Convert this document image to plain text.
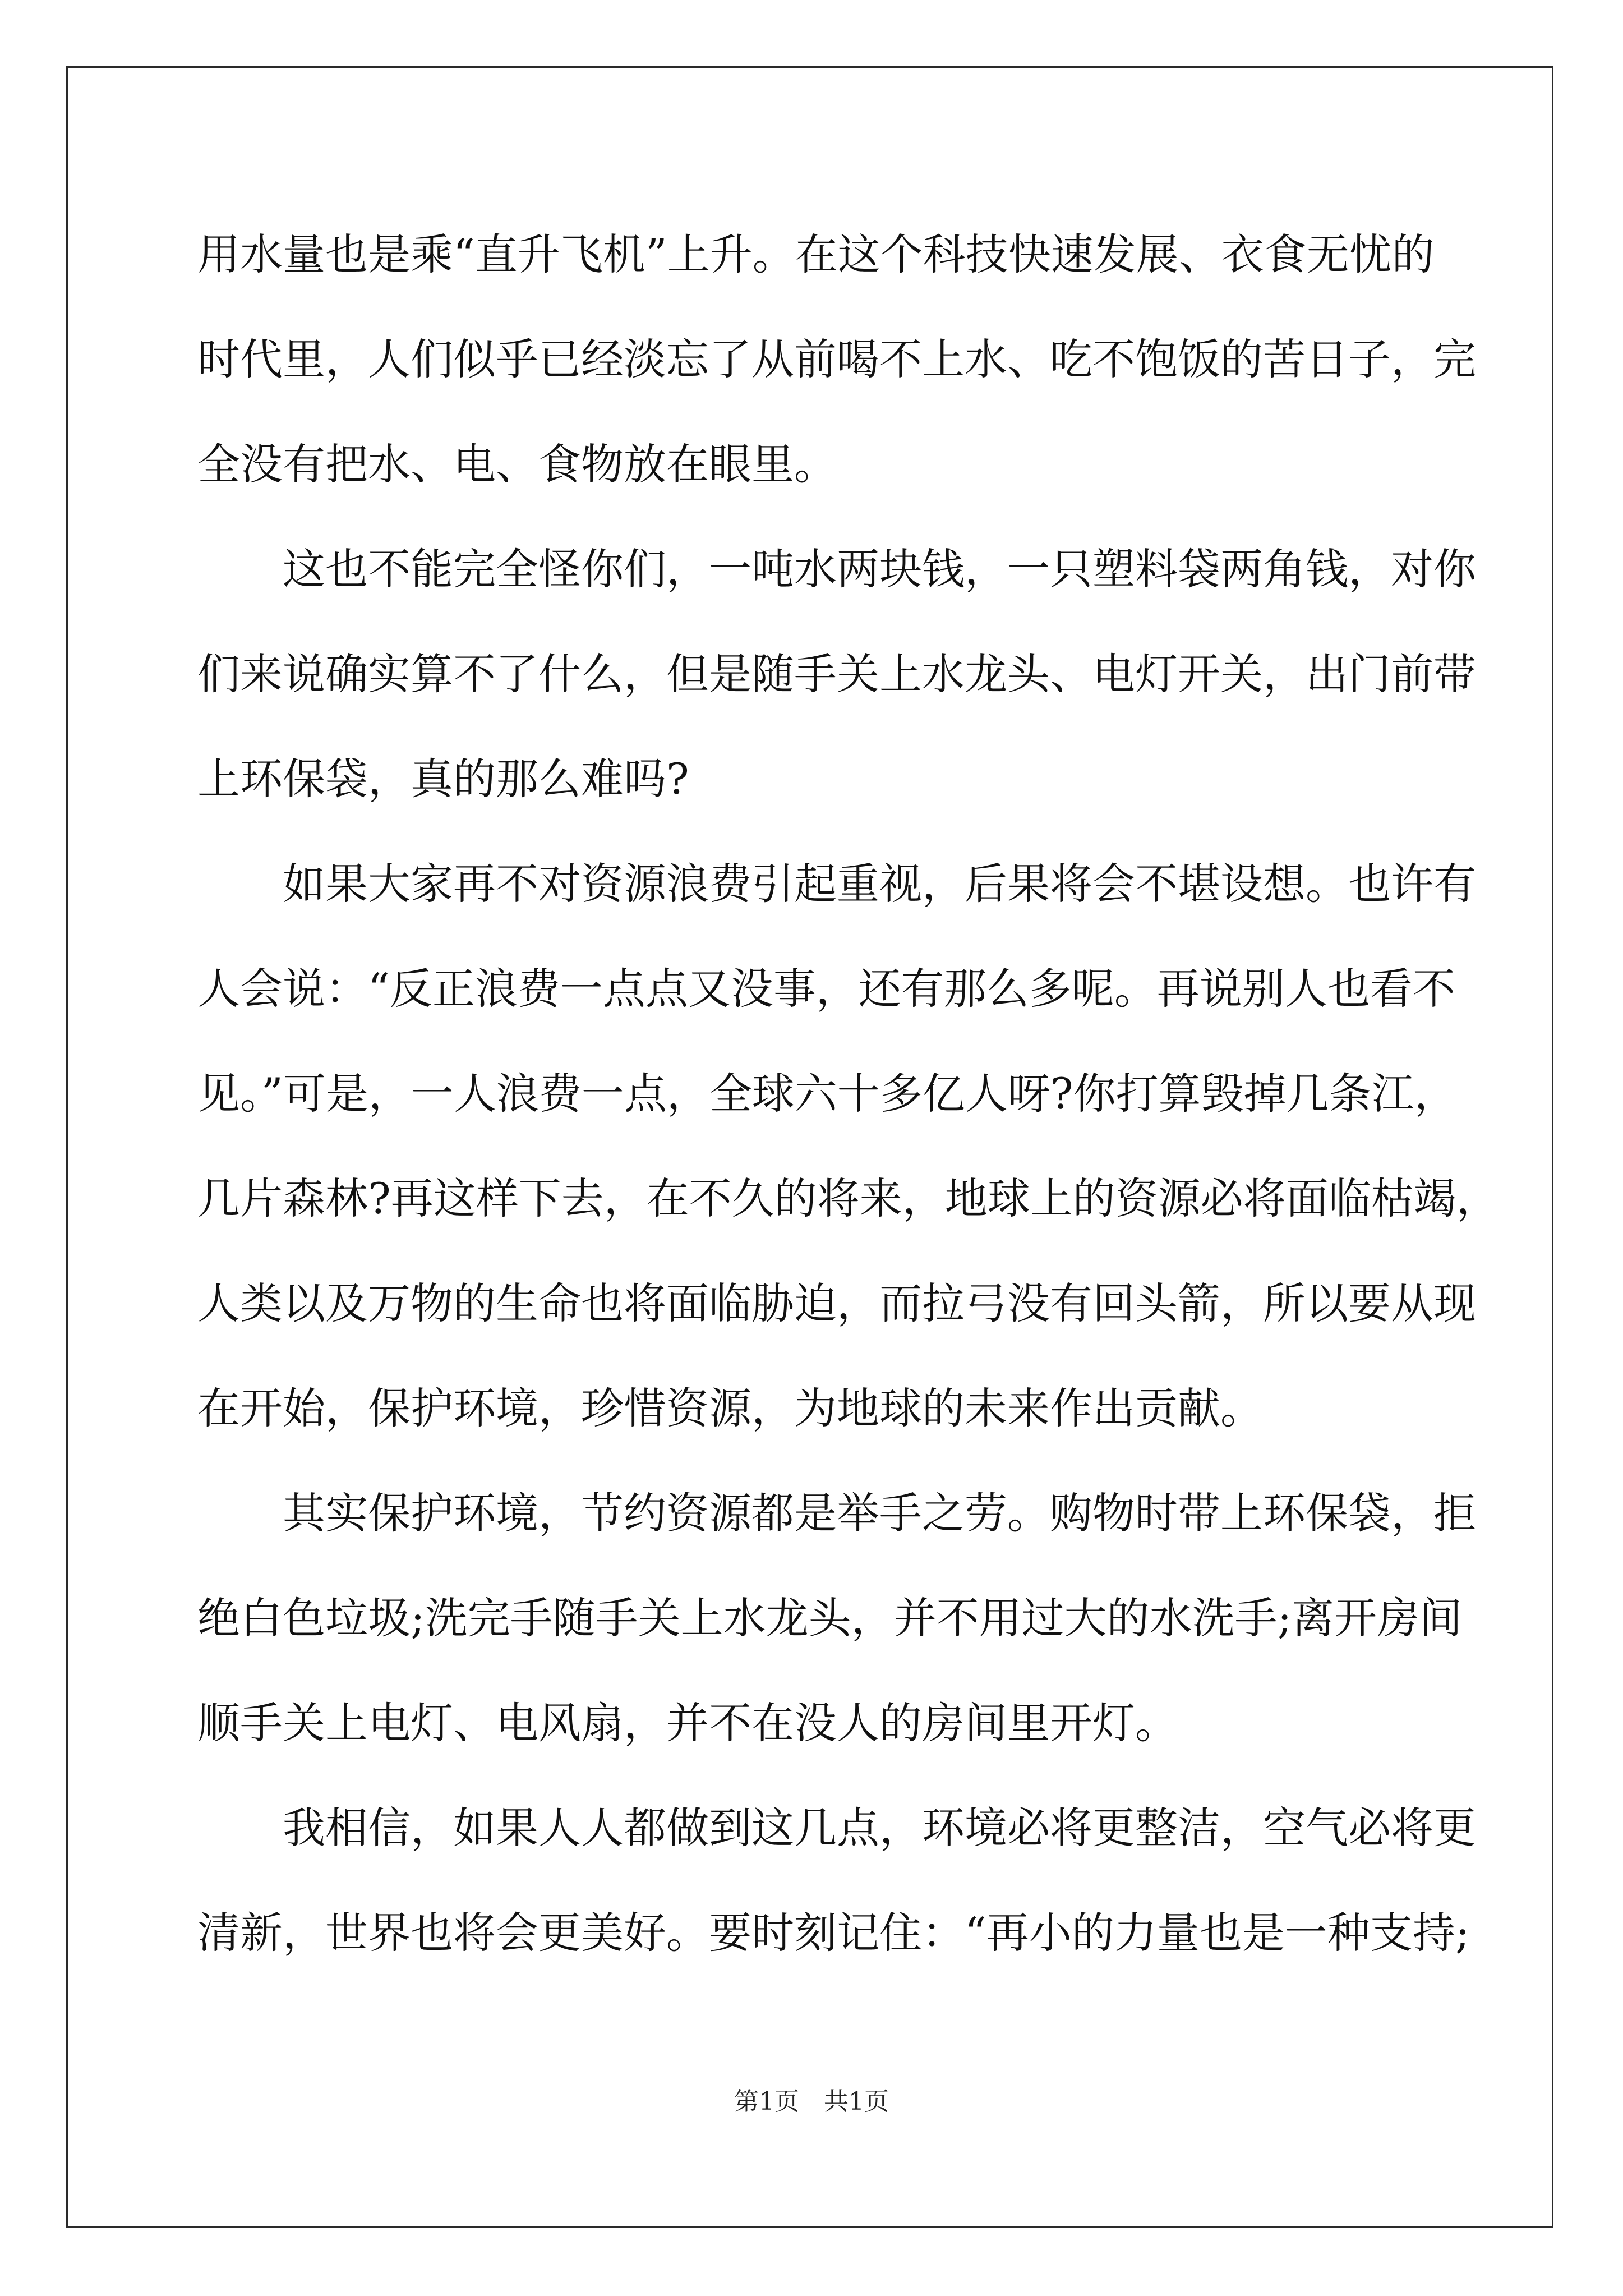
用水量也是乘“直升飞机”上升。在这个科技快速发展、衣食无忧的
时代里，人们似乎已经淡忘了从前喝不上水、吃不饱饭的苦日子，完
全没有把水、电、食物放在眼里。
这也不能完全怪你们，一吨水两块钱，一只塑料袋两角钱，对你
们来说确实算不了什么，但是随手关上水龙头、电灯开关，出门前带
上环保袋，真的那么难吗?
如果大家再不对资源浪费引起重视，后果将会不堪设想。也许有
人会说：“反正浪费一点点又没事，还有那么多呢。再说别人也看不
见。”可是，一人浪费一点，全球六十多亿人呀?你打算毁掉几条江，
几片森林?再这样下去，在不久的将来，地球上的资源必将面临枯竭，
人类以及万物的生命也将面临胁迫，而拉弓没有回头箭，所以要从现
在开始，保护环境，珍惜资源，为地球的未来作出贡献。
其实保护环境，节约资源都是举手之劳。购物时带上环保袋，拒
绝白色垃圾;洗完手随手关上水龙头，并不用过大的水洗手;离开房间
顺手关上电灯、电风扇，并不在没人的房间里开灯。
我相信，如果人人都做到这几点，环境必将更整洁，空气必将更
清新，世界也将会更美好。要时刻记住：“再小的力量也是一种支持;
第1页　共1页
